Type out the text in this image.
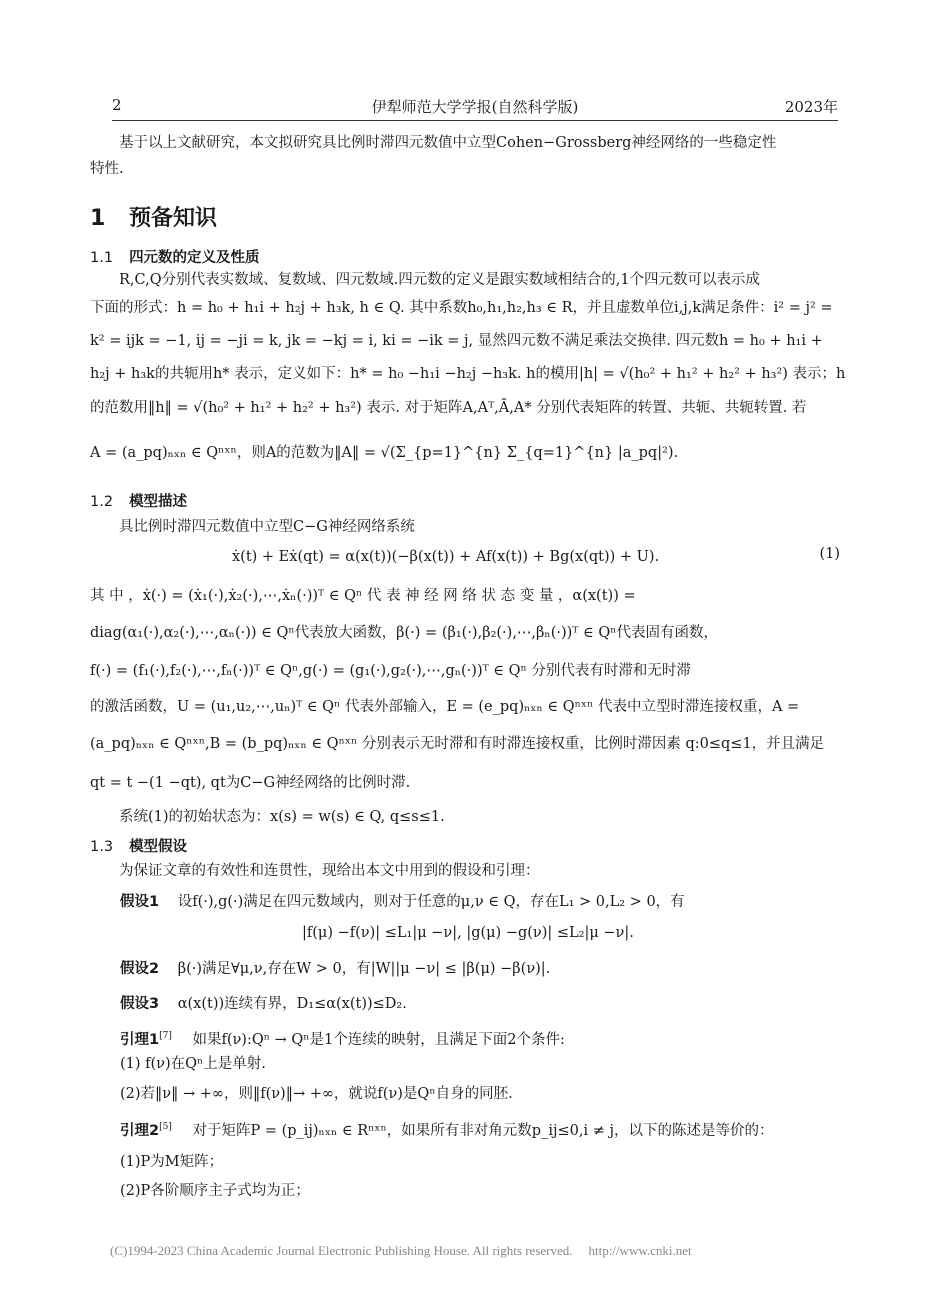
2	伊犁师范大学学报(自然科学版)	2023年

基于以上文献研究，本文拟研究具比例时滞四元数值中立型Cohen−Grossberg神经网络的一些稳定性

特性.

1 预备知识
1.1 四元数的定义及性质

R,C,Q分别代表实数域、复数域、四元数域.四元数的定义是跟实数域相结合的,1个四元数可以表示成

下面的形式：h = h₀ + h₁i + h₂j + h₃k, h ∈ Q. 其中系数h₀,h₁,h₂,h₃ ∈ R，并且虚数单位i,j,k满足条件：i² = j² =

k² = ijk = −1, ij = −ji = k, jk = −kj = i, ki = −ik = j, 显然四元数不满足乘法交换律. 四元数h = h₀ + h₁i +

h₂j + h₃k的共轭用h* 表示，定义如下：h* = h₀ −h₁i −h₂j −h₃k. h的模用|h| = √(h₀² + h₁² + h₂² + h₃²) 表示；h

的范数用‖h‖ = √(h₀² + h₁² + h₂² + h₃²) 表示. 对于矩阵A,Aᵀ,Ā,A* 分别代表矩阵的转置、共轭、共轭转置. 若

A = (a_pq)ₙₓₙ ∈ Qⁿˣⁿ，则A的范数为‖A‖ = √(Σ_{p=1}^{n} Σ_{q=1}^{n} |a_pq|²).

1.2 模型描述

具比例时滞四元数值中立型C−G神经网络系统

ẋ(t) + Eẋ(qt) = α(x(t))(−β(x(t)) + Af(x(t)) + Bg(x(qt)) + U).	(1)

其 中 ，ẋ(·) = (ẋ₁(·),ẋ₂(·),⋯,ẋₙ(·))ᵀ ∈ Qⁿ 代 表 神 经 网 络 状 态 变 量 ，α(x(t)) =

diag(α₁(·),α₂(·),⋯,αₙ(·)) ∈ Qⁿ代表放大函数，β(·) = (β₁(·),β₂(·),⋯,βₙ(·))ᵀ ∈ Qⁿ代表固有函数，

f(·) = (f₁(·),f₂(·),⋯,fₙ(·))ᵀ ∈ Qⁿ,g(·) = (g₁(·),g₂(·),⋯,gₙ(·))ᵀ ∈ Qⁿ 分别代表有时滞和无时滞

的激活函数，U = (u₁,u₂,⋯,uₙ)ᵀ ∈ Qⁿ 代表外部输入，E = (e_pq)ₙₓₙ ∈ Qⁿˣⁿ 代表中立型时滞连接权重，A =

(a_pq)ₙₓₙ ∈ Qⁿˣⁿ,B = (b_pq)ₙₓₙ ∈ Qⁿˣⁿ 分别表示无时滞和有时滞连接权重，比例时滞因素 q:0≤q≤1，并且满足

qt = t −(1 −qt), qt为C−G神经网络的比例时滞.

系统(1)的初始状态为：x(s) = w(s) ∈ Q, q≤s≤1.

1.3 模型假设

为保证文章的有效性和连贯性，现给出本文中用到的假设和引理：

假设1 设f(·),g(·)满足在四元数域内，则对于任意的μ,ν ∈ Q，存在L₁ > 0,L₂ > 0，有

|f(μ) −f(ν)| ≤L₁|μ −ν|, |g(μ) −g(ν)| ≤L₂|μ −ν|.

假设2 β(·)满足∀μ,ν,存在W > 0，有|W||μ −ν| ≤ |β(μ) −β(ν)|.

假设3 α(x(t))连续有界，D₁≤α(x(t))≤D₂.

引理1[7] 如果f(ν):Qⁿ → Qⁿ是1个连续的映射，且满足下面2个条件:

(1) f(ν)在Qⁿ上是单射.

(2)若‖ν‖ → +∞，则‖f(ν)‖→ +∞，就说f(ν)是Qⁿ自身的同胚.

引理2[5] 对于矩阵P = (p_ij)ₙₓₙ ∈ Rⁿˣⁿ，如果所有非对角元数p_ij≤0,i ≠ j，以下的陈述是等价的：

(1)P为M矩阵；

(2)P各阶顺序主子式均为正；

(C)1994-2023 China Academic Journal Electronic Publishing House. All rights reserved. http://www.cnki.net
